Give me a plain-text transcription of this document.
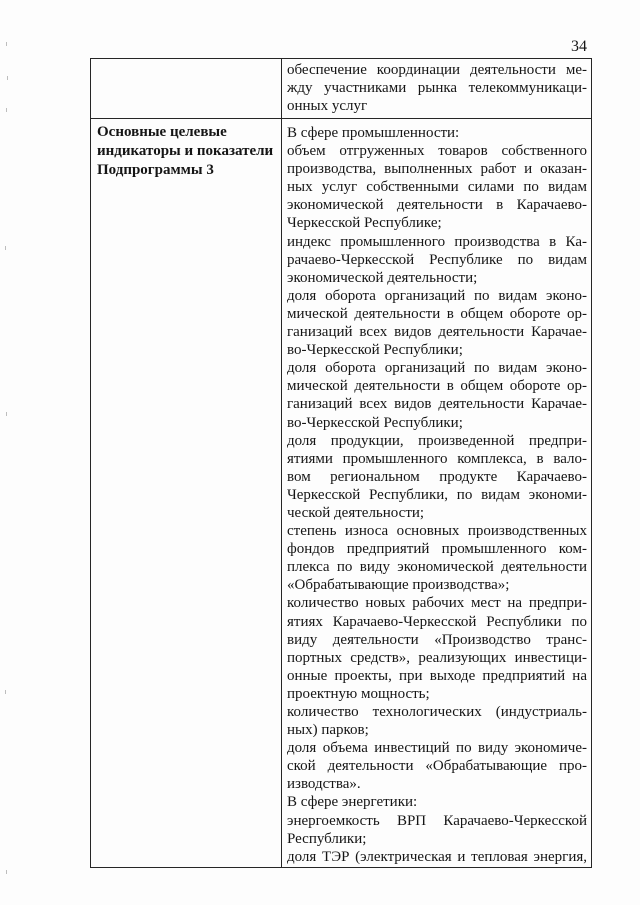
34
обеспечение координации деятельности ме-
жду участниками рынка телекоммуникаци-
онных услуг
Основные целевые
индикаторы и показатели
Подпрограммы 3
В сфере промышленности:
объем отгруженных товаров собственного
производства, выполненных работ и оказан-
ных услуг собственными силами по видам
экономической деятельности в Карачаево-
Черкесской Республике;
индекс промышленного производства в Ка-
рачаево-Черкесской Республике по видам
экономической деятельности;
доля оборота организаций по видам эконо-
мической деятельности в общем обороте ор-
ганизаций всех видов деятельности Карачае-
во-Черкесской Республики;
доля оборота организаций по видам эконо-
мической деятельности в общем обороте ор-
ганизаций всех видов деятельности Карачае-
во-Черкесской Республики;
доля продукции, произведенной предпри-
ятиями промышленного комплекса, в вало-
вом региональном продукте Карачаево-
Черкесской Республики, по видам экономи-
ческой деятельности;
степень износа основных производственных
фондов предприятий промышленного ком-
плекса по виду экономической деятельности
«Обрабатывающие производства»;
количество новых рабочих мест на предпри-
ятиях Карачаево-Черкесской Республики по
виду деятельности «Производство транс-
портных средств», реализующих инвестици-
онные проекты, при выходе предприятий на
проектную мощность;
количество технологических (индустриаль-
ных) парков;
доля объема инвестиций по виду экономиче-
ской деятельности «Обрабатывающие про-
изводства».
В сфере энергетики:
энергоемкость ВРП Карачаево-Черкесской
Республики;
доля ТЭР (электрическая и тепловая энергия,
